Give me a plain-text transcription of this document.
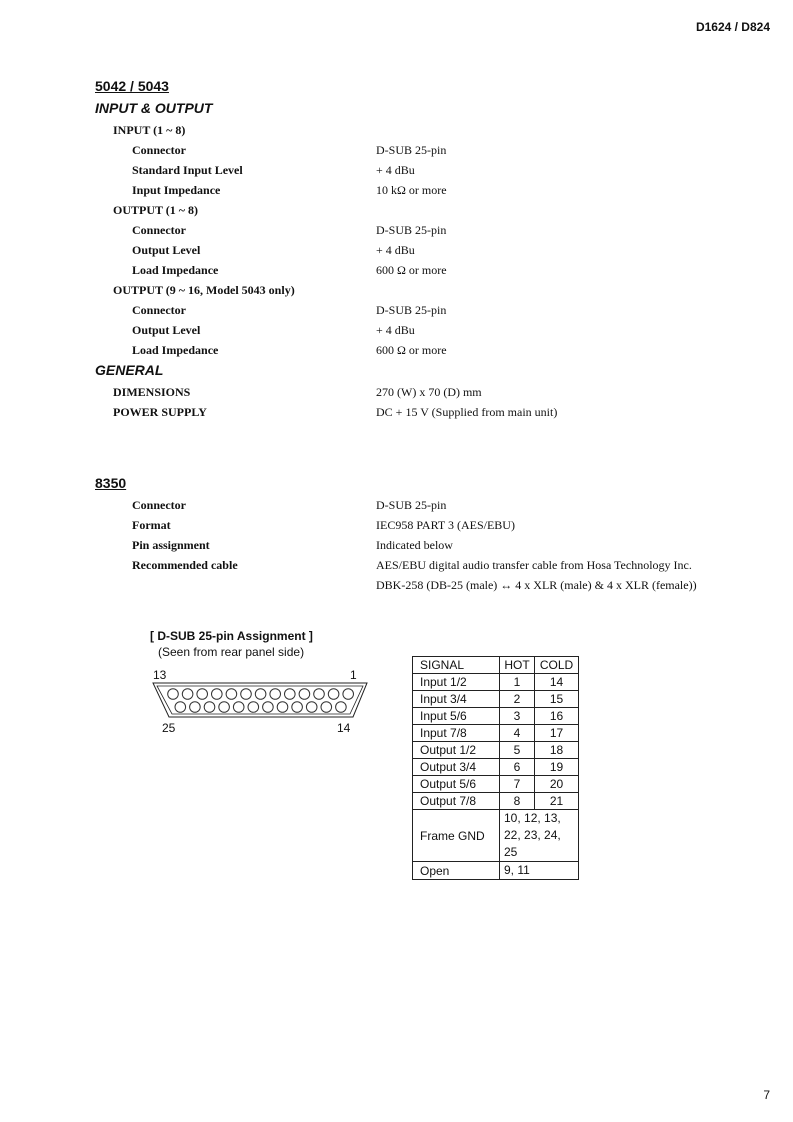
D1624 / D824
7
5042 / 5043
INPUT & OUTPUT
INPUT (1 ~ 8)
Connector	D-SUB 25-pin
Standard Input Level	+ 4 dBu
Input Impedance	10 kΩ or more
OUTPUT (1 ~ 8)
Connector	D-SUB 25-pin
Output Level	+ 4 dBu
Load Impedance	600 Ω or more
OUTPUT (9 ~ 16, Model 5043 only)
Connector	D-SUB 25-pin
Output Level	+ 4 dBu
Load Impedance	600 Ω or more
GENERAL
DIMENSIONS	270 (W) x 70 (D) mm
POWER SUPPLY	DC + 15 V (Supplied from main unit)
8350
Connector	D-SUB 25-pin
Format	IEC958 PART 3 (AES/EBU)
Pin assignment	Indicated below
Recommended cable	AES/EBU digital audio transfer cable from Hosa Technology Inc.
DBK-258 (DB-25 (male) ↔ 4 x XLR (male) & 4 x XLR (female))
[ D-SUB 25-pin Assignment ]
(Seen from rear panel side)
13	1
25	14
SIGNAL	HOT	COLD
Input 1/2	1	14
Input 3/4	2	15
Input 5/6	3	16
Input 7/8	4	17
Output 1/2	5	18
Output 3/4	6	19
Output 5/6	7	20
Output 7/8	8	21
Frame GND	10, 12, 13, 22, 23, 24, 25	
Open	9, 11	
